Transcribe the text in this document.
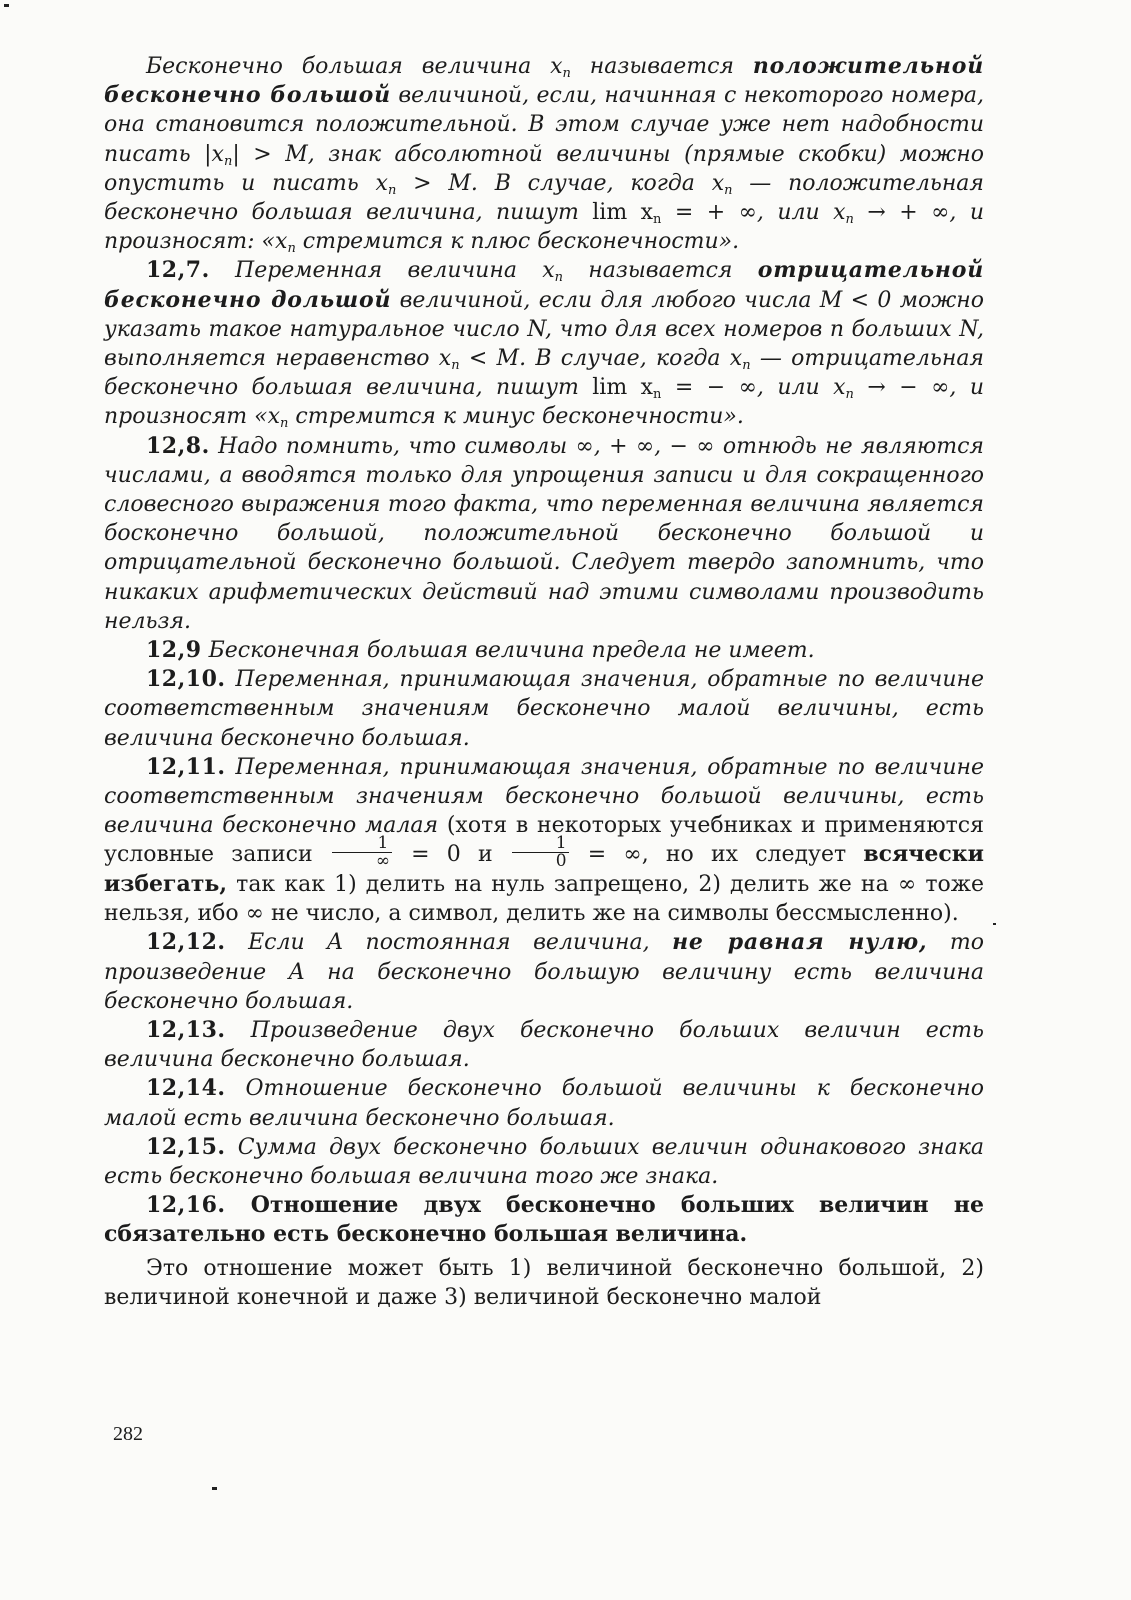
Бесконечно большая величина $x_n$ называется положительной бесконечно большой величиной, если, начинная с некоторого номера, она становится положительной. В этом случае уже нет надобности писать $|x_n| > M$, знак абсолютной величины (прямые скобки) можно опустить и писать $x_n > M$. В случае, когда $x_n$ — положительная бесконечно большая величина, пишут $\lim x_n$ = + ∞, или $x_n$ → + ∞, и произносят: «$x_n$ стремится к плюс бесконечности».

12,7. Переменная величина $x_n$ называется отрицательной бесконечно дольшой величиной, если для любого числа M < 0 можно указать такое натуральное число N, что для всех номеров n больших N, выполняется неравенство $x_n < M$. В случае, когда $x_n$ — отрицательная бесконечно большая величина, пишут $\lim x_n$ = − ∞, или $x_n$ → − ∞, и произносят «$x_n$ стремится к минус бесконечности».

12,8. Надо помнить, что символы ∞, + ∞, − ∞ отнюдь не являются числами, а вводятся только для упрощения записи и для сокращенного словесного выражения того факта, что переменная величина является босконечно большой, положительной бесконечно большой и отрицательной бесконечно большой. Следует твердо запомнить, что никаких арифметических действий над этими символами производить нельзя.

12,9 Бесконечная большая величина предела не имеет.

12,10. Переменная, принимающая значения, обратные по величине соответственным значениям бесконечно малой величины, есть величина бесконечно большая.

12,11. Переменная, принимающая значения, обратные по величине соответственным значениям бесконечно большой величины, есть величина бесконечно малая (хотя в некоторых учебниках и применяются условные записи $\frac{1}{\infty} = 0$ и $\frac{1}{0}$ = ∞, но их следует всячески избегать, так как 1) делить на нуль запрещено, 2) делить же на ∞ тоже нельзя, ибо ∞ не число, а символ, делить же на символы бессмысленно).

12,12. Если A постоянная величина, не равная нулю, то произведение A на бесконечно большую величину есть величина бесконечно большая.

12,13. Произведение двух бесконечно больших величин есть величина бесконечно большая.

12,14. Отношение бесконечно большой величины к бесконечно малой есть величина бесконечно большая.

12,15. Сумма двух бесконечно больших величин одинакового знака есть бесконечно большая величина того же знака.

12,16. Отношение двух бесконечно больших величин не сбязательно есть бесконечно большая величина.

Это отношение может быть 1) величиной бесконечно большой, 2) величиной конечной и даже 3) величиной бесконечно малой

282
